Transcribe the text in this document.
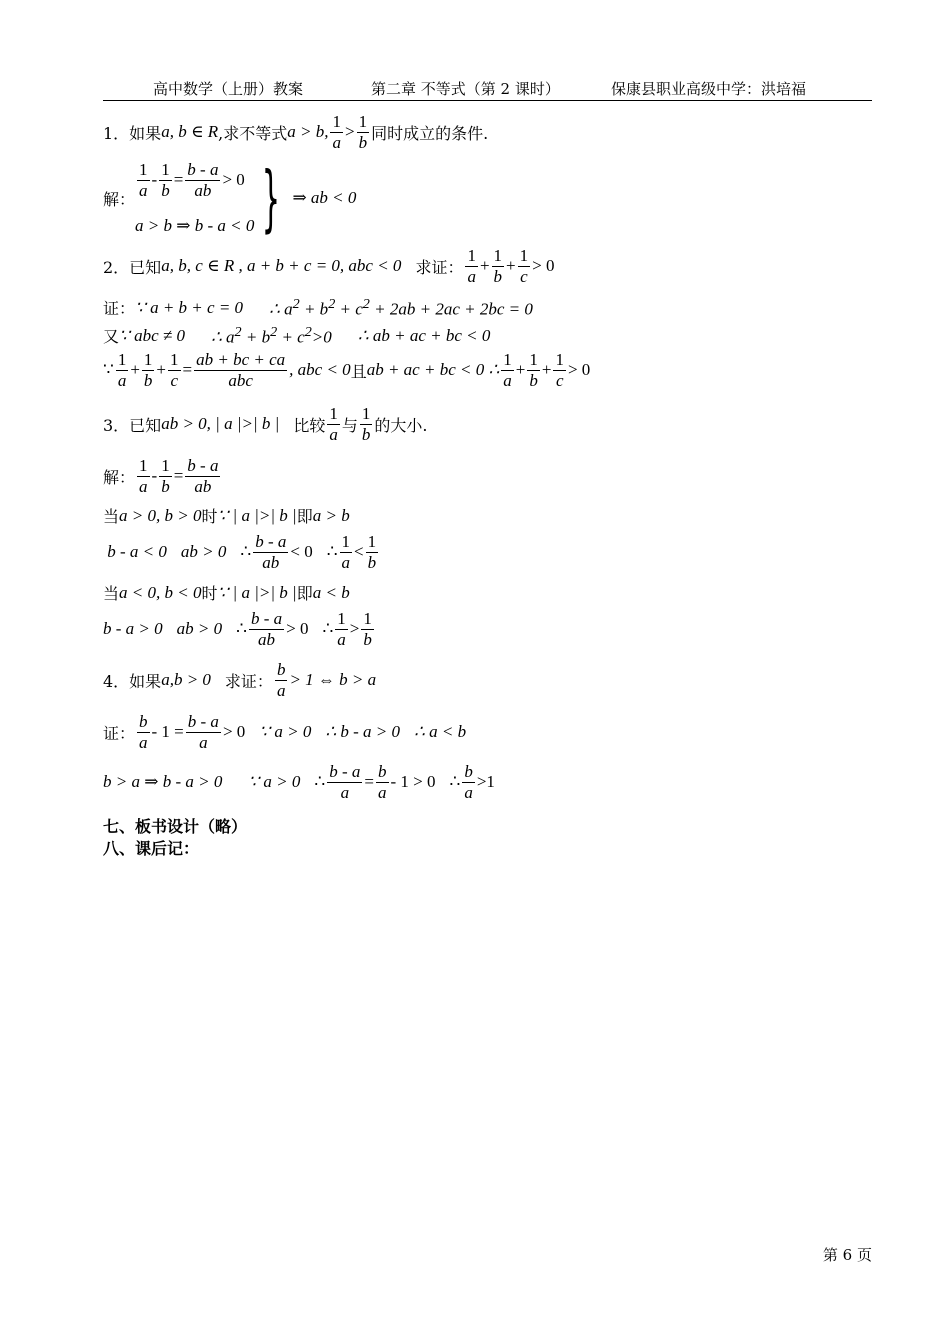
高中数学（上册）教案	第二章 不等式（第 2 课时）	保康县职业高级中学：洪培福
1．如果 a, b ∈ R ,求不等式 a > b, $\frac{1}{a} > \frac{1}{b}$ 同时成立的条件.
解： $\frac{1}{a} - \frac{1}{b} = \frac{b - a}{ab} > 0$
a > b ⇒ b - a < 0 } ⇒ ab < 0
2．已知 a, b, c ∈ R , a + b + c = 0, abc < 0 求证： $\frac{1}{a} + \frac{1}{b} + \frac{1}{c} > 0$
证： ∵ a + b + c = 0 ∴ $a^2 + b^2 + c^2 + 2ab + 2ac + 2bc = 0$
又 ∵ abc ≠ 0 ∴ $a^2 + b^2 + c^2>0$ ∴ ab + ac + bc < 0
∵ $\frac{1}{a} + \frac{1}{b} + \frac{1}{c} = \frac{ab + bc + ca}{\text{abc}}$ , abc < 0 且 ab + ac + bc < 0 ∴ $\frac{1}{a} + \frac{1}{b} + \frac{1}{c} > 0$
3．已知 ab > 0, | a |>| b | 比较 $\frac{1}{a}$ 与 $\frac{1}{b}$ 的大小.
解： $\frac{1}{a} - \frac{1}{b} = \frac{b - a}{ab}$
当 a > 0, b > 0 时 ∵ | a |>| b | 即 a > b
b - a < 0 ab > 0 ∴ $\frac{b - a}{ab} < 0$ ∴ $\frac{1}{a} < \frac{1}{b}$
当 a < 0, b < 0 时 ∵ | a |>| b | 即 a < b
b - a > 0 ab > 0 ∴ $\frac{b - a}{ab} > 0$ ∴ $\frac{1}{a} > \frac{1}{b}$
4．如果 a,b > 0 求证： $\frac{b}{a} > 1$ ⇔ b > a
证： $\frac{b}{a} - 1 = \frac{b - a}{a} > 0$ ∵ a > 0 ∴ b - a > 0 ∴ a < b
b > a ⇒ b - a > 0 ∵ a > 0 ∴ $\frac{b - a}{a} = \frac{b}{a} - 1 > 0$ ∴ $\frac{b}{a} >1$
七、板书设计（略）
八、课后记：
第 6 页
